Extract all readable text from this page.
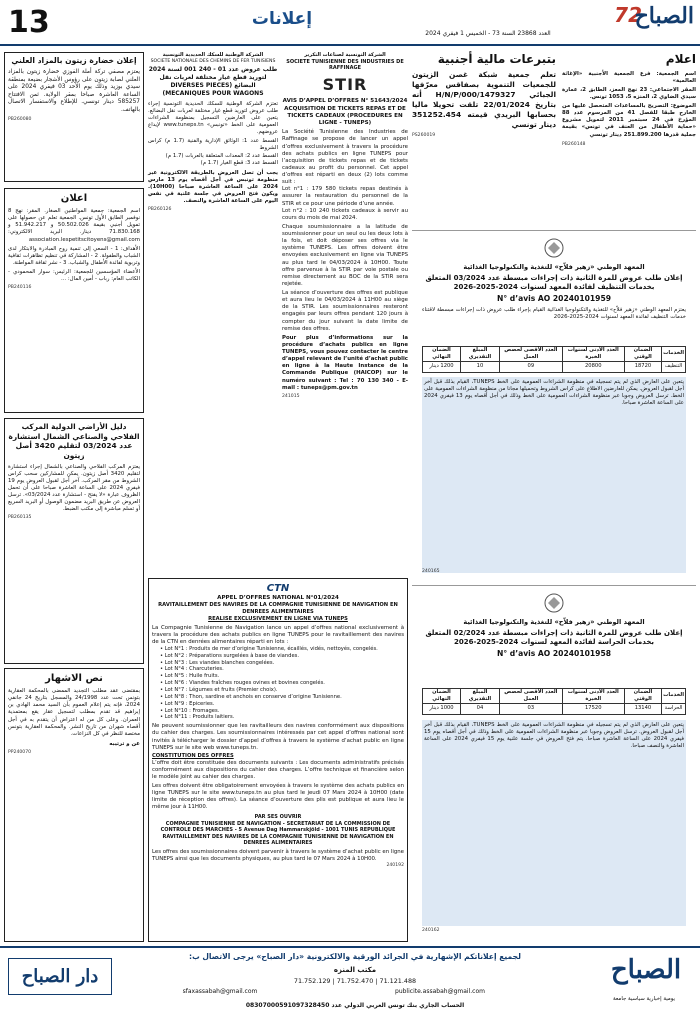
13	إعلانات
العدد 23868 السنة 73 - الخميس 1 فيفري 2024
72
الصباح
اعلام
اسم الجمعية: فرع الجمعية الأجنبية «الإغاثة العالمية»
المقر الاجتماعي: 23 نهج المعز، الطابق 2، عمارة سيدي الضاوي 2، المنزه 5، 1053 تونس.
الموضوع: التصريح بالمساعدات المتحصل عليها من الخارج طبقا للفصل 41 من المرسوم عدد 88 المؤرخ في 24 سبتمبر 2011 لتمويل مشروع «حماية الأطفال من العنف في تونس» بقيمة جملية قدرها 251.899.200 دينار تونسي
PB260148
بتبرعات مالية أجنبية
تعلم جمعية شبكة غصن الزيتون للجمعيات التنموية بصفاقس معرّفها الجبائي 1479327/H/N/P/000 أنه بتاريخ 22/01/2024 تلقت تحويلا ماليا بحسابها البريدي قيمته 351252.454 دينار تونسي
PS260019
المعهد الوطني «زهير فلاّح» للتغذية والتكنولوجيا الغذائية
إعلان طلب عروض للمرة الثانية ذات إجراءات مبسطة عدد 03/2024 المتعلق بخدمات التنظيف لفائدة المعهد لسنوات 2024-2025-2026
N° d’avis AO 20240101959
يعتزم المعهد الوطني «زهير فلاّح» للتغذية والتكنولوجيا الغذائية القيام بإجراء طلب عروض ذات إجراءات مبسطة لاقتناء خدمات التنظيف لفائدة المعهد لسنوات 2024-2025-2026
الخدمات	الضمان الوقتي	العدد الأدنى لسنوات الخبرة	العدد الأقصى لحصص العمل	المبلغ التقديري	الضمان النهائي
التنظيف	18720	20800	09	10	1200 دينار
يتعين على العارض الذي لم يتم تسجيله في منظومة الشراءات العمومية على الخط TUNEPS، القيام بذلك قبل آخر أجل لقبول العروض. يمكن للعارضين الاطلاع على كراس الشروط وتحميلها مجانا من منظومة الشراءات العمومية على الخط. ترسل العروض وجوبا عبر منظومة الشراءات العمومية على الخط وذلك في أجل أقصاه يوم 13 فيفري 2024 على الساعة العاشرة صباحا.
240165
المعهد الوطني «زهير فلاّح» للتغذية والتكنولوجيا الغذائية
إعلان طلب عروض للمرة الثانية ذات إجراءات مبسطة عدد 02/2024 المتعلق بخدمات الحراسة لفائدة المعهد لسنوات 2024-2025-2026
N° d’avis AO 20240101958
الخدمات	الضمان الوقتي	العدد الأدنى لسنوات الخبرة	العدد الأقصى لحصص العمل	المبلغ التقديري	الضمان النهائي
الحراسة	13140	17520	03	04	1000 دينار
يتعين على العارض الذي لم يتم تسجيله في منظومة الشراءات العمومية على الخط TUNEPS، القيام بذلك قبل آخر أجل لقبول العروض. ترسل العروض وجوبا عبر منظومة الشراءات العمومية على الخط وذلك في أجل أقصاه يوم 15 فيفري 2024 على الساعة العاشرة صباحا. يتم فتح العروض في جلسة علنية يوم 15 فيفري 2024 على الساعة العاشرة والنصف صباحا.
240162
الشركة التونسية لصناعات التكرير
SOCIETE TUNISIENNE DES INDUSTRIES DE RAFFINAGE
STIR
AVIS D’APPEL D’OFFRES N° 51643/2024 ACQUISITION DE TICKETS REPAS ET DE TICKETS CADEAUX (PROCEDURES EN LIGNE - TUNEPS)
La Société Tunisienne des Industries de Raffinage se propose de lancer un appel d’offres exclusivement à travers la procédure des achats publics en ligne TUNEPS pour l’acquisition de tickets repas et de tickets cadeaux au profit du personnel. Cet appel d’offres est réparti en deux (2) lots comme suit :
Lot n°1 : 179 580 tickets repas destinés à assurer la restauration du personnel de la STIR et ce pour une période d’une année.
Lot n°2 : 10 240 tickets cadeaux à servir au cours du mois de mai 2024.
Chaque soumissionnaire a la latitude de soumissionner pour un seul ou les deux lots à la fois, et doit déposer ses offres via le système TUNEPS. Les offres doivent être envoyées exclusivement en ligne via TUNEPS au plus tard le 04/03/2024 à 10H00. Toute offre parvenue à la STIR par voie postale ou remise directement au BOC de la STIR sera rejetée.
La séance d’ouverture des offres est publique et aura lieu le 04/03/2024 à 11H00 au siège de la STIR. Les soumissionnaires resteront engagés par leurs offres pendant 120 jours à compter du jour suivant la date limite de remise des offres.
Pour plus d’informations sur la procédure d’achats publics en ligne TUNEPS, vous pouvez contacter le centre d’appel relevant de l’unité d’achat public en ligne à la Haute Instance de la Commande Publique (HAICOP) sur le numéro suivant : Tel : 70 130 340 - E-mail : tuneps@pm.gov.tn
241015
الشركة الوطنية للسكك الحديدية التونسية
SOCIETE NATIONALE DES CHEMINS DE FER TUNISIENS
طلب عروض عدد 01 - 240 001 لسنة 2024 لتوريد قطع غيار مختلفة لعربات نقل البضائع (DIVERSES PIECES MECANIQUES POUR WAGONS)
تعتزم الشركة الوطنية للسكك الحديدية التونسية إجراء طلب عروض لتوريد قطع غيار مختلفة لعربات نقل البضائع. يتعين على العارضين التسجيل بمنظومة الشراءات العمومية على الخط «تونبس» www.tuneps.tn لإيداع عروضهم.
القسط عدد 1: الوثائق الإدارية والفنية (1.7 م) كراس الشروط
القسط عدد 2: المعدات المتعلقة بالعربات (1.7 م)
القسط عدد 3: قطع الغيار (1.7 م)
يجب أن تصل العروض بالطريقة الالكترونية عبر منظومة تونبس في أجل أقصاه يوم 13 مارس 2024 على الساعة العاشرة صباحا (10H00). ويكون فتح العروض في جلسة علنية في نفس اليوم على الساعة العاشرة والنصف.
PB260126
CTN
APPEL D’OFFRES NATIONAL N°01/2024
RAVITAILLEMENT DES NAVIRES DE LA COMPAGNIE TUNISIENNE DE NAVIGATION EN DENREES ALIMENTAIRES
REALISE EXCLUSIVEMENT EN LIGNE VIA TUNEPS
La Compagnie Tunisienne de Navigation lance un appel d’offres national exclusivement à travers la procédure des achats publics en ligne TUNEPS pour le ravitaillement des navires de la CTN en denrées alimentaires réparti en lots :
• Lot N°1 : Produits de mer d’origine Tunisienne, écaillés, vidés, nettoyés, congelés.
• Lot N°2 : Préparations surgelées à base de viandes.
• Lot N°3 : Les viandes blanches congelées.
• Lot N°4 : Charcuteries.
• Lot N°5 : Huile fruits.
• Lot N°6 : Viandes fraîches rouges ovines et bovines congelés.
• Lot N°7 : Légumes et fruits (Premier choix).
• Lot N°8 : Thon, sardine et anchois en conserve d’origine Tunisienne.
• Lot N°9 : Epiceries.
• Lot N°10 : Fromages.
• Lot N°11 : Produits laitiers.
Ne peuvent soumissionner que les ravitailleurs des navires conformément aux dispositions du cahier des charges. Les soumissionnaires intéressés par cet appel d’offres national sont invités à télécharger le dossier d’appel d’offres à travers le système d’achat public en ligne TUNEPS sur le site web www.tuneps.tn.
CONSTITUTION DES OFFRES
L’offre doit être constituée des documents suivants : Les documents administratifs précisés conformément aux dispositions du cahier des charges. L’offre technique et financière selon le modèle joint au cahier des charges.
Les offres doivent être obligatoirement envoyées à travers le système des achats publics en ligne TUNEPS sur le site www.tuneps.tn au plus tard le jeudi 07 Mars 2024 à 10H00 (date limite de réception des offres). La séance d’ouverture des plis est publique et aura lieu le même jour à 11H00.
PAR SES OUVRIR
COMPAGNIE TUNISIENNE DE NAVIGATION - SECRETARIAT DE LA COMMISSION DE CONTROLE DES MARCHES - 5 Avenue Dag Hammarskjöld - 1001 TUNIS REPUBLIQUE
RAVITAILLEMENT DES NAVIRES DE LA COMPAGNIE TUNISIENNE DE NAVIGATION EN DENREES ALIMENTAIRES
Les offres des soumissionnaires doivent parvenir à travers le système d’achat public en ligne TUNEPS ainsi que les documents physiques, au plus tard le 07 Mars 2024 à 10H00.
240192
إعلان خضارة زيتون بالمزاد العلني
يعتزم مصفي تركة أملة الفوزي خضارة زيتون بالمزاد العلني لصابة زيتون على رؤوس الأشجار بضيعة بمنطقة سيدي بوزيد وذلك يوم الأحد 03 فيفري 2024 على الساعة العاشرة صباحا بمقر الولاية. ثمن الافتتاح 585257 دينار تونسي. للإطلاع والاستفسار الاتصال بالهاتف.
PB260080
اعلان
اسم الجمعية: جمعية المواطنين الصغار. المقر: نهج 8 نوفمبر الطابق الأول تونس. الجمعية تعلم عن حصولها على تمويل أجنبي بقيمة 50.502.026 و 51.942.217 و 71.830.168 دينار. البريد الالكتروني: association.lespetitscitoyens@gmail.com
الأهداف: 1 - السعي إلى تنمية روح المبادرة والابتكار لدى الشباب والطفولة. 2 - المشاركة في تنظيم تظاهرات ثقافية وتربوية لفائدة الأطفال والشباب. 3 - نشر ثقافة المواطنة.
الأعضاء المؤسسين للجمعية: الرئيس: سوار المحمودي - الكاتب العام: رباب - أمين المال: ...
PB240116
دليل الأراضي الدولية المركب الفلاحي والصناعي الشمال استشارة عدد 03/2024 لتقليم 3420 أصل زيتون
يعتزم المركب الفلاحي والصناعي بالشمال إجراء استشارة لتقليم 3420 أصل زيتون. يمكن للمشاركين سحب كراس الشروط من مقر المركب. آخر أجل لقبول العروض يوم 19 فيفري 2024 على الساعة العاشرة صباحا على أن تحمل الظروف عبارة «لا يفتح - استشارة عدد 03/2024». ترسل العروض عن طريق البريد مضمون الوصول أو البريد السريع أو تسلم مباشرة إلى مكتب الضبط.
PB260135
نص الاشهار
بمقتضى عقد مطلب التجديد الممضى بالمحكمة العقارية بتونس تحت عدد 24/1998 والمسجل بتاريخ 24 جانفي 2024، فإنه يتم إعلام العموم بأن السيد محمد الهادي بن إبراهيم قد تقدم بمطلب لتسجيل عقار يقع بمعتمدية العمران. وعلى كل من له اعتراض أن يتقدم به في أجل أقصاه شهران من تاريخ النشر. والمحكمة العقارية بتونس مختصة للنظر في كل النزاعات.
عن و ترتيبه
PP240070
الصباح
يومية إخبارية سياسية جامعة
لجميع إعلاناتكم الإشهارية في الجرائد الورقية والالكترونية «دار الصباح» يرجى الاتصال ب:
مكتب المنزه
71.752.129 | 71.752.470 | 71.121.488
publicite.assabah@gmail.com
sfaxassabah@gmail.com
الحساب الجاري بنك تونس العربي الدولي عدد 08307000591097328450
دار الصباح
